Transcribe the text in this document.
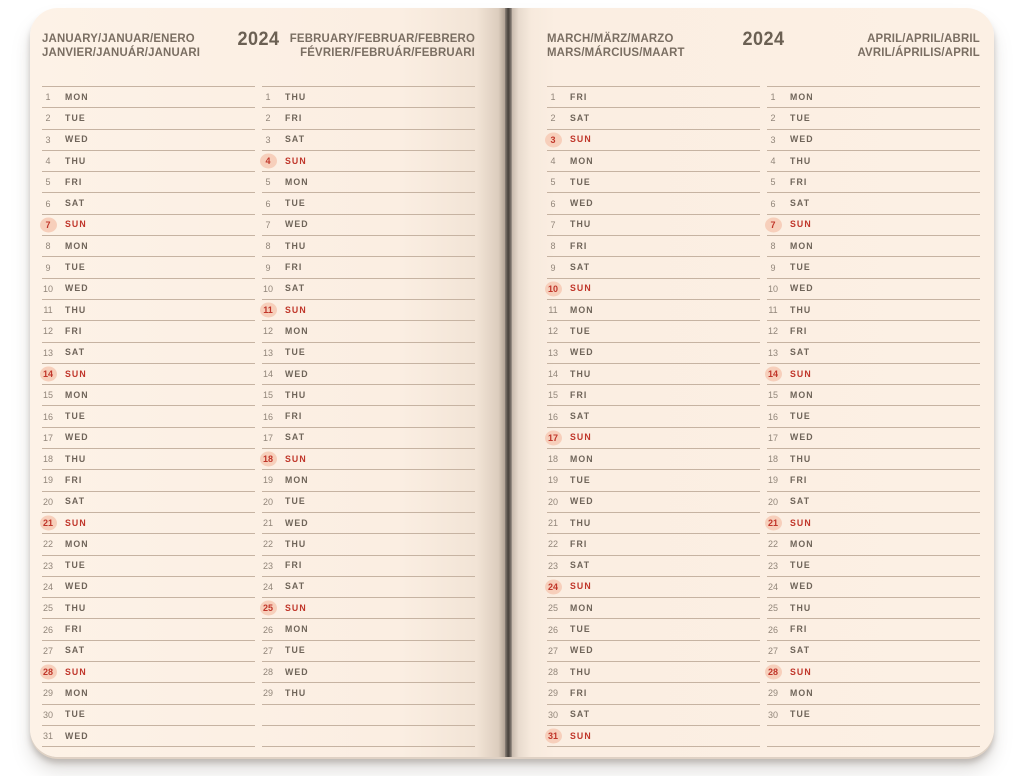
JANUARY/JANUAR/ENERO
JANVIER/JANUÁR/JANUARI
2024 FEBRUARY/FEBRUAR/FEBRERO
FÉVRIER/FEBRUÁR/FEBRUARI
1	MON
2	TUE
3	WED
4	THU
5	FRI
6	SAT
7	SUN
8	MON
9	TUE
10 WED
11 THU
12 FRI
13 SAT
14 SUN
15 MON
16 TUE
17 WED
18 THU
19 FRI
20 SAT
21 SUN
22 MON
23 TUE
24 WED
25 THU
26 FRI
27 SAT
28 SUN
29 MON
30 TUE
31 WED
1	THU
2	FRI
3	SAT
4	SUN
5	MON
6	TUE
7	WED
8	THU
9	FRI
10 SAT
11 SUN
12 MON
13 TUE
14 WED
15 THU
16 FRI
17 SAT
18 SUN
19 MON
20 TUE
21 WED
22 THU
23 FRI
24 SAT
25 SUN
26 MON
27 TUE
28 WED
29 THU
MARCH/MÄRZ/MARZO
MARS/MÁRCIUS/MAART
2024	APRIL/APRIL/ABRIL
AVRIL/ÁPRILIS/APRIL
1	FRI
2	SAT
3	SUN
4	MON
5	TUE
6	WED
7	THU
8	FRI
9	SAT
10 SUN
11 MON
12 TUE
13 WED
14 THU
15 FRI
16 SAT
17 SUN
18 MON
19 TUE
20 WED
21 THU
22 FRI
23 SAT
24 SUN
25 MON
26 TUE
27 WED
28 THU
29 FRI
30 SAT
31 SUN
1	MON
2	TUE
3	WED
4	THU
5	FRI
6	SAT
7	SUN
8	MON
9	TUE
10 WED
11 THU
12 FRI
13 SAT
14 SUN
15 MON
16 TUE
17 WED
18 THU
19 FRI
20 SAT
21 SUN
22 MON
23 TUE
24 WED
25 THU
26 FRI
27 SAT
28 SUN
29 MON
30 TUE
